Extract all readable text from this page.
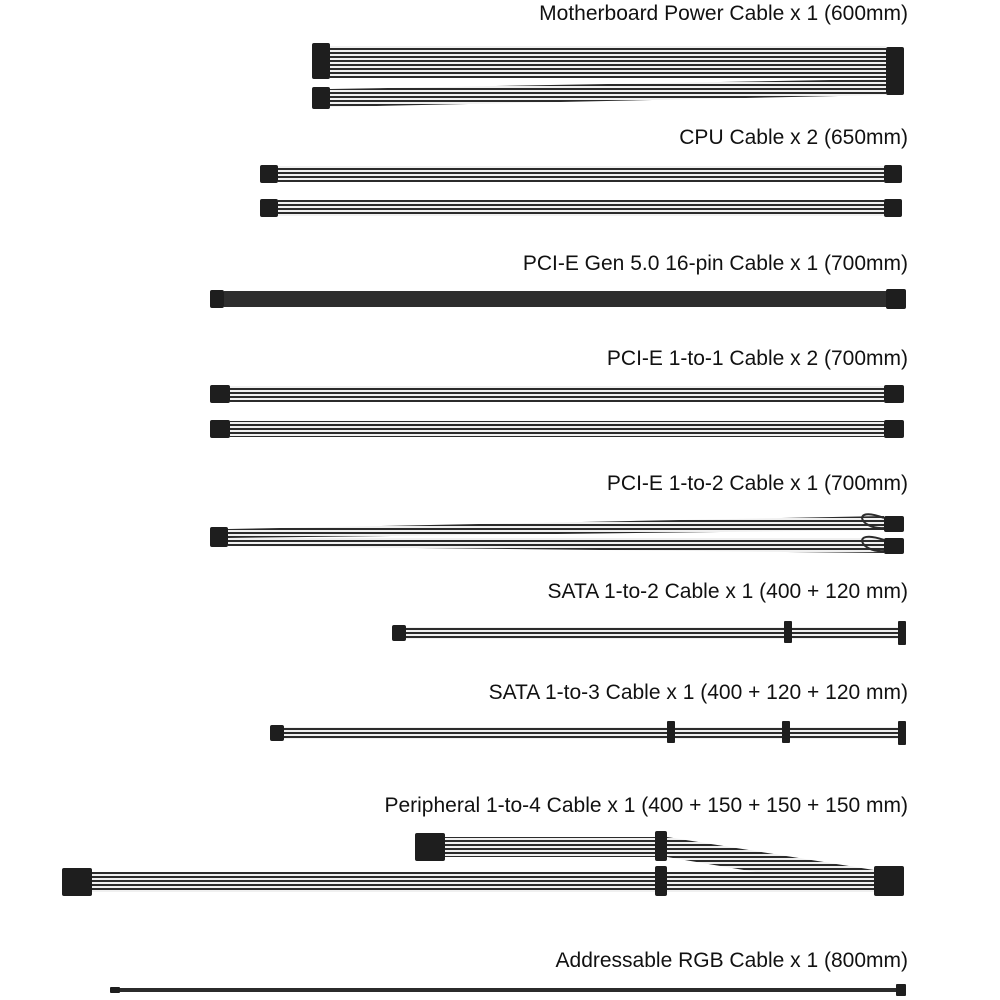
Motherboard Power Cable x 1 (600mm)
CPU Cable x 2 (650mm)
PCI-E Gen 5.0 16-pin Cable x 1 (700mm)
PCI-E 1-to-1 Cable x 2 (700mm)
PCI-E 1-to-2 Cable x 1 (700mm)
SATA 1-to-2 Cable x 1 (400 + 120 mm)
SATA 1-to-3 Cable x 1 (400 + 120 + 120 mm)
Peripheral 1-to-4 Cable x 1 (400 + 150 + 150 + 150 mm)
Addressable RGB Cable x 1 (800mm)
